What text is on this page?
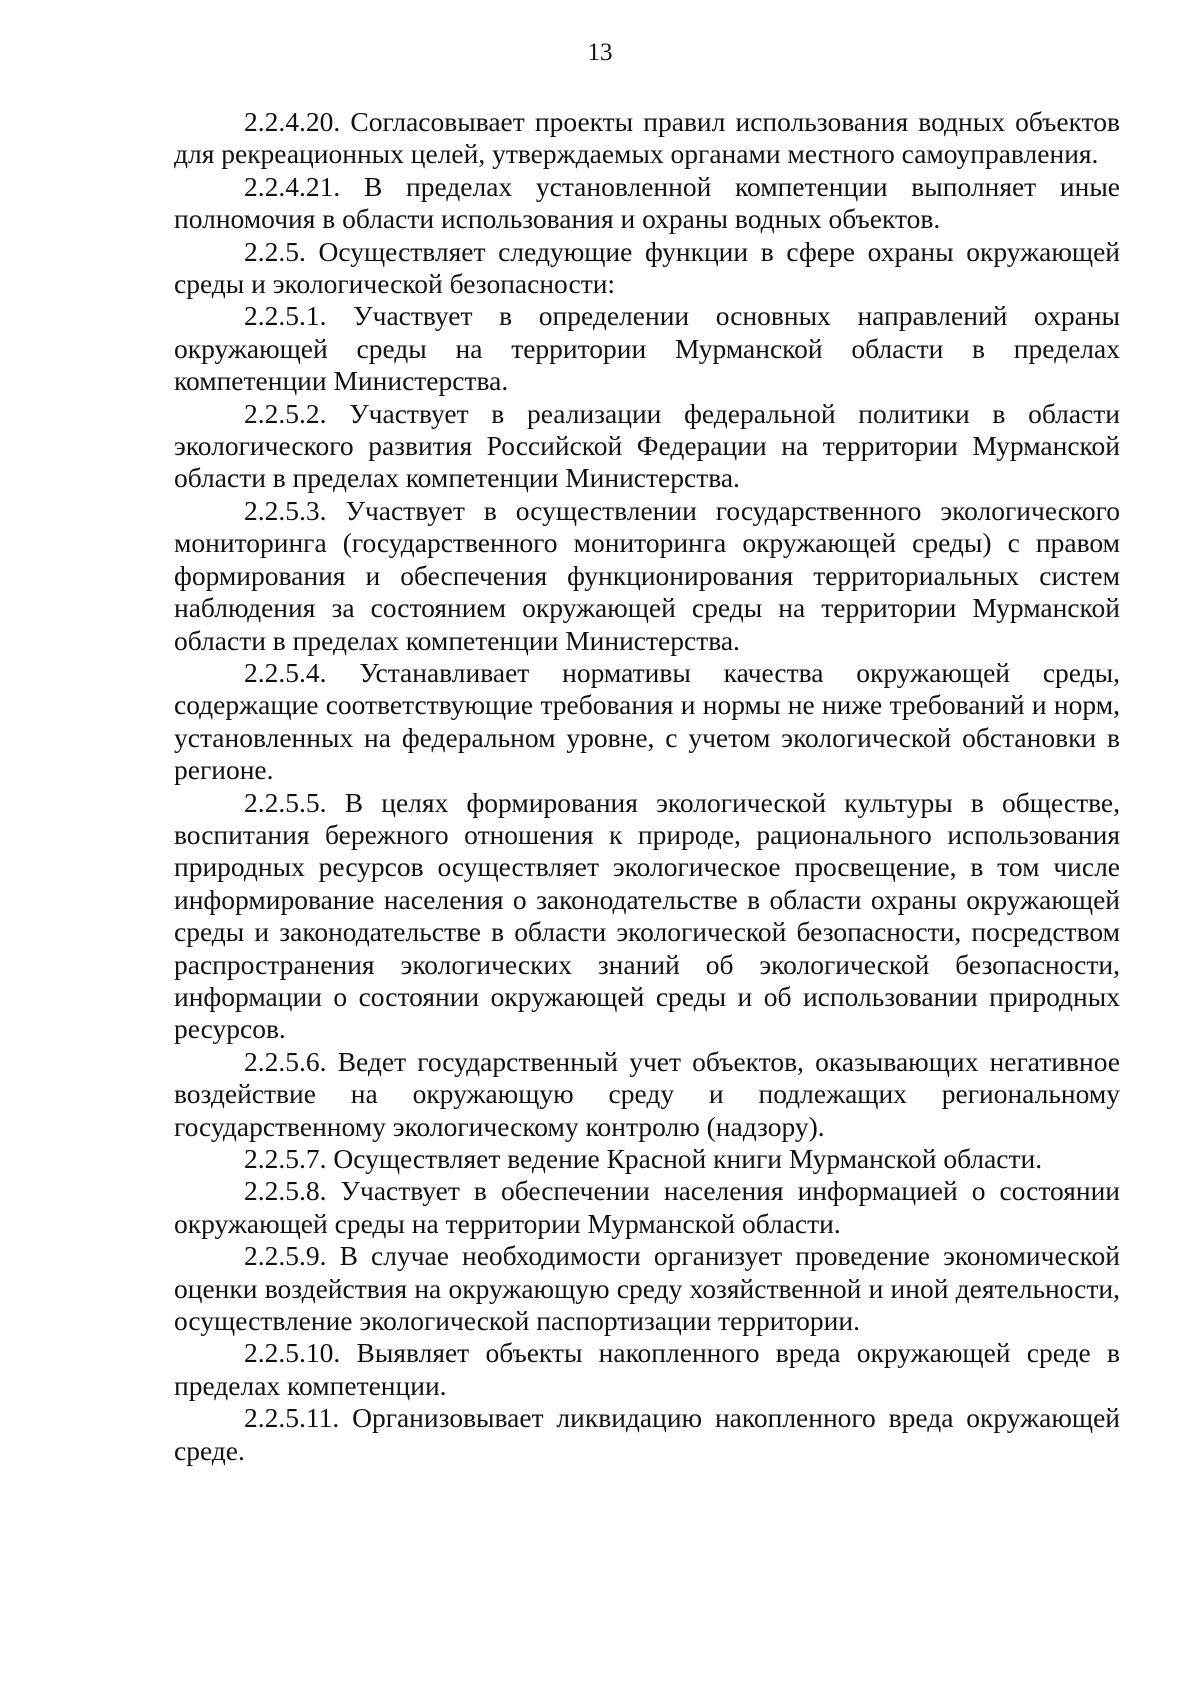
13

2.2.4.20. Согласовывает проекты правил использования водных объектов для рекреационных целей, утверждаемых органами местного самоуправления.

2.2.4.21. В пределах установленной компетенции выполняет иные полномочия в области использования и охраны водных объектов.

2.2.5. Осуществляет следующие функции в сфере охраны окружающей среды и экологической безопасности:

2.2.5.1. Участвует в определении основных направлений охраны окружающей среды на территории Мурманской области в пределах компетенции Министерства.

2.2.5.2. Участвует в реализации федеральной политики в области экологического развития Российской Федерации на территории Мурманской области в пределах компетенции Министерства.

2.2.5.3. Участвует в осуществлении государственного экологического мониторинга (государственного мониторинга окружающей среды) с правом формирования и обеспечения функционирования территориальных систем наблюдения за состоянием окружающей среды на территории Мурманской области в пределах компетенции Министерства.

2.2.5.4. Устанавливает нормативы качества окружающей среды, содержащие соответствующие требования и нормы не ниже требований и норм, установленных на федеральном уровне, с учетом экологической обстановки в регионе.

2.2.5.5. В целях формирования экологической культуры в обществе, воспитания бережного отношения к природе, рационального использования природных ресурсов осуществляет экологическое просвещение, в том числе информирование населения о законодательстве в области охраны окружающей среды и законодательстве в области экологической безопасности, посредством распространения экологических знаний об экологической безопасности, информации о состоянии окружающей среды и об использовании природных ресурсов.

2.2.5.6. Ведет государственный учет объектов, оказывающих негативное воздействие на окружающую среду и подлежащих региональному государственному экологическому контролю (надзору).

2.2.5.7. Осуществляет ведение Красной книги Мурманской области.

2.2.5.8. Участвует в обеспечении населения информацией о состоянии окружающей среды на территории Мурманской области.

2.2.5.9. В случае необходимости организует проведение экономической оценки воздействия на окружающую среду хозяйственной и иной деятельности, осуществление экологической паспортизации территории.

2.2.5.10. Выявляет объекты накопленного вреда окружающей среде в пределах компетенции.

2.2.5.11. Организовывает ликвидацию накопленного вреда окружающей среде.
